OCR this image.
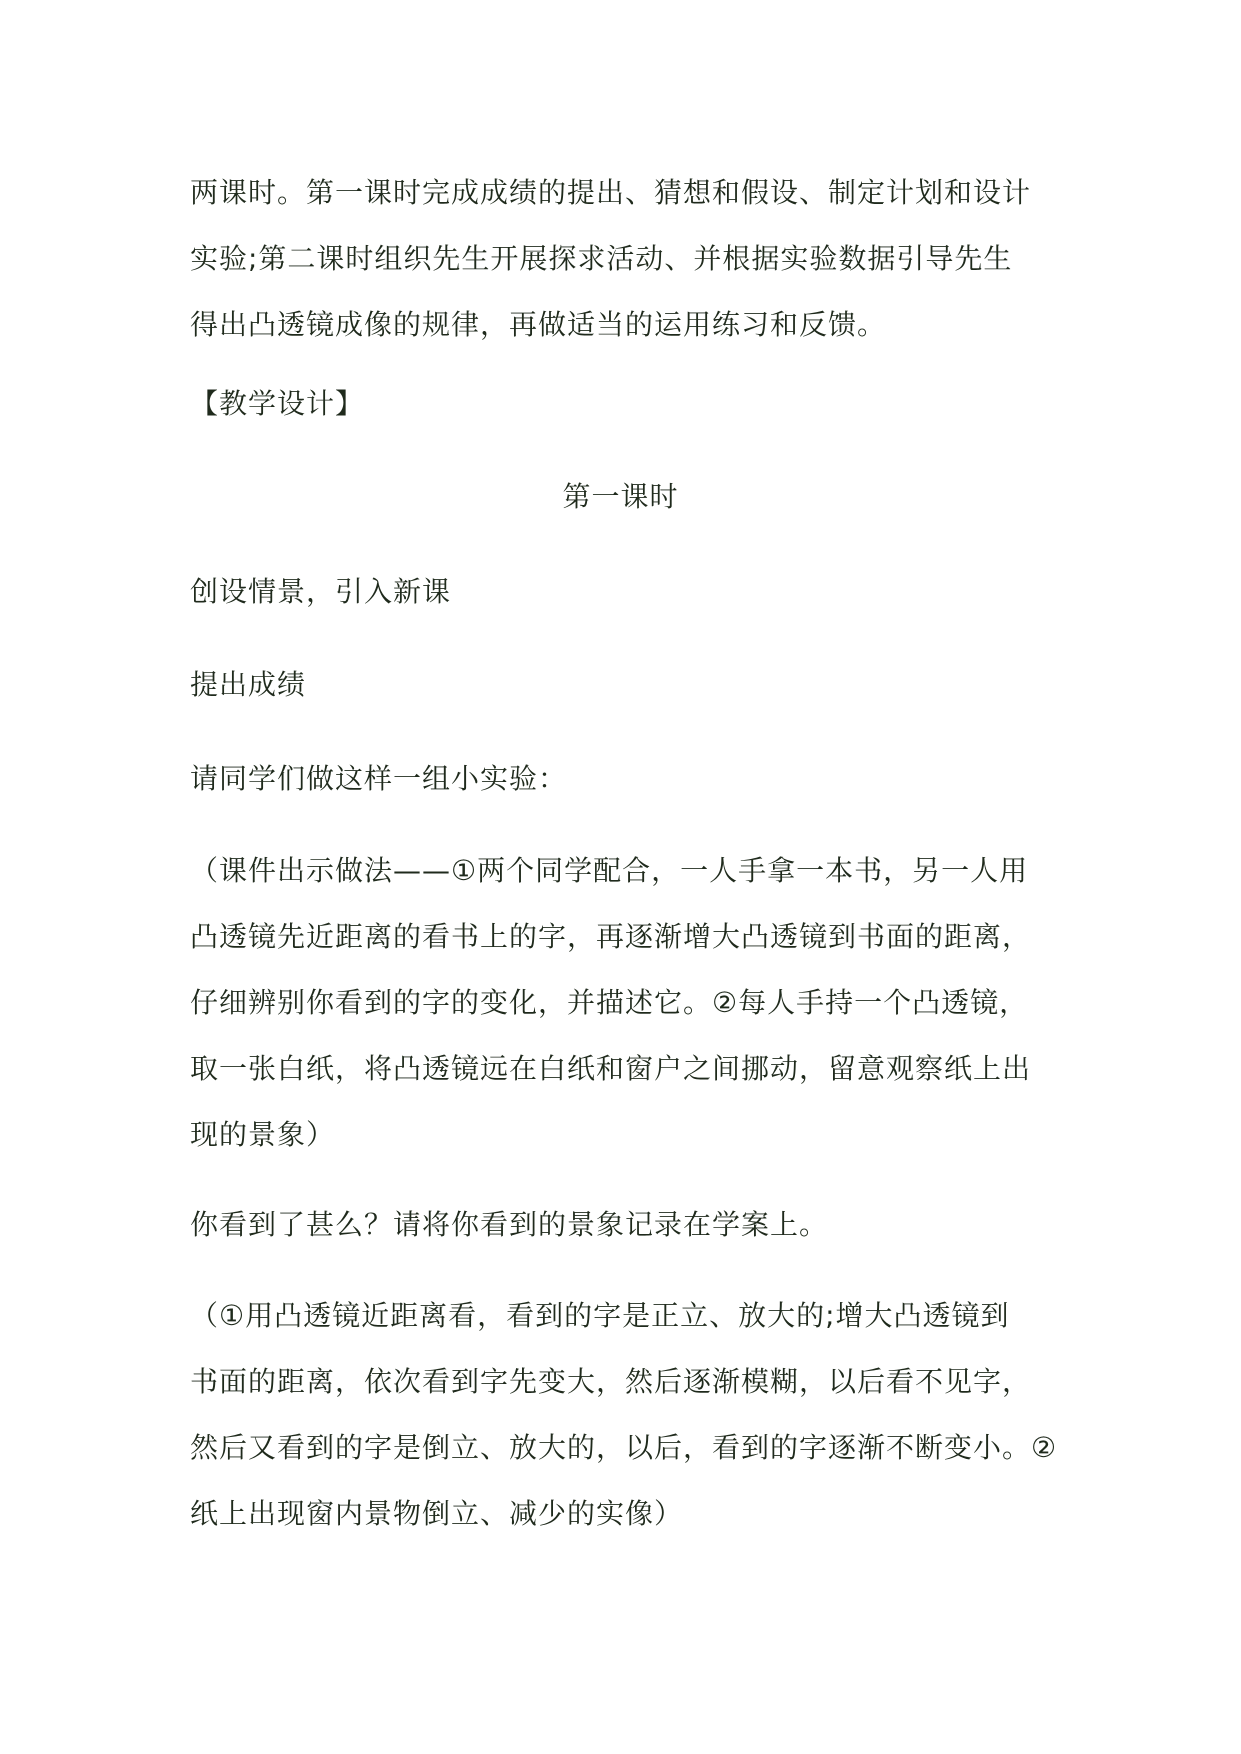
两课时。第一课时完成成绩的提出、猜想和假设、制定计划和设计
实验;第二课时组织先生开展探求活动、并根据实验数据引导先生
得出凸透镜成像的规律，再做适当的运用练习和反馈。
【教学设计】
第一课时
创设情景，引入新课
提出成绩
请同学们做这样一组小实验：
（课件出示做法——①两个同学配合，一人手拿一本书，另一人用
凸透镜先近距离的看书上的字，再逐渐增大凸透镜到书面的距离，
仔细辨别你看到的字的变化，并描述它。②每人手持一个凸透镜，
取一张白纸，将凸透镜远在白纸和窗户之间挪动，留意观察纸上出
现的景象）
你看到了甚么？请将你看到的景象记录在学案上。
（①用凸透镜近距离看，看到的字是正立、放大的;增大凸透镜到
书面的距离，依次看到字先变大，然后逐渐模糊，以后看不见字，
然后又看到的字是倒立、放大的，以后，看到的字逐渐不断变小。②
纸上出现窗内景物倒立、减少的实像）
